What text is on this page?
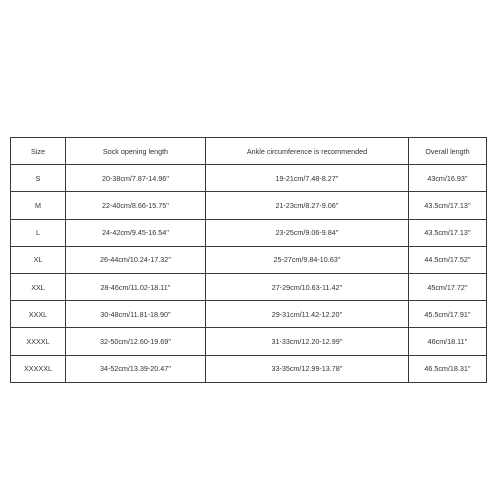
Size	Sock opening length	Ankle circumference is recommended	Overall length
S	20-38cm/7.87-14.96''	19-21cm/7.48-8.27''	43cm/16.93''
M	22-40cm/8.66-15.75''	21-23cm/8.27-9.06''	43.5cm/17.13''
L	24-42cm/9.45-16.54''	23-25cm/9.06-9.84''	43.5cm/17.13''
XL	26-44cm/10.24-17.32''	25-27cm/9.84-10.63''	44.5cm/17.52''
XXL	28-46cm/11.02-18.11''	27-29cm/10.63-11.42''	45cm/17.72''
XXXL	30-48cm/11.81-18.90''	29-31cm/11.42-12.20''	45.5cm/17.91''
XXXXL	32-50cm/12.60-19.69''	31-33cm/12.20-12.99''	46cm/18.11''
XXXXXL	34-52cm/13.39-20.47''	33-35cm/12.99-13.78''	46.5cm/18.31''
